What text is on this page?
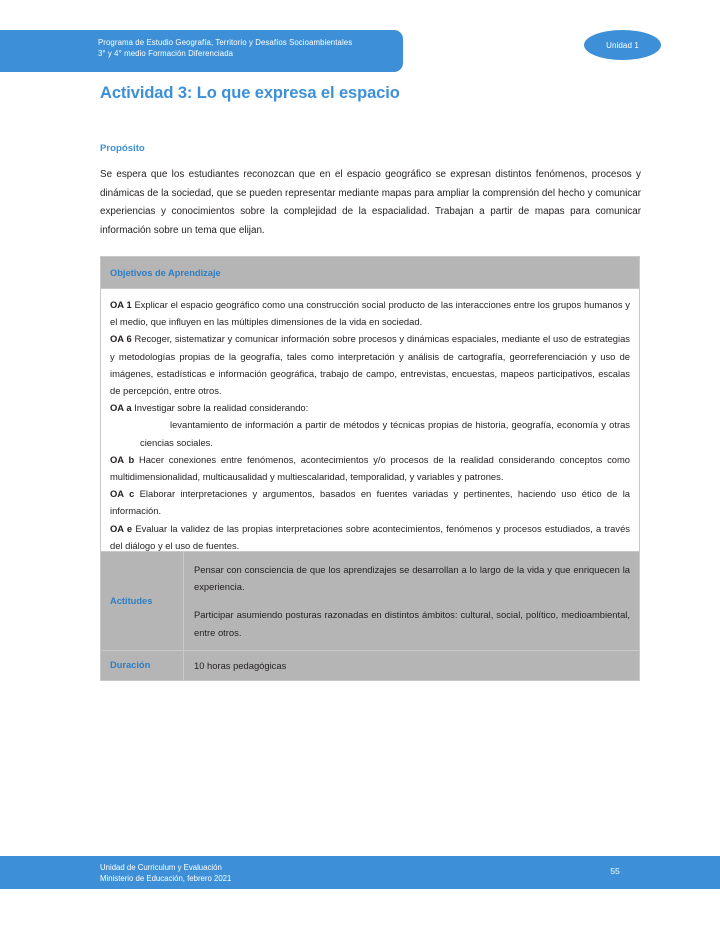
Programa de Estudio Geografía, Territorio y Desafíos Socioambientales
3° y 4° medio Formación Diferenciada
Unidad 1
Actividad 3: Lo que expresa el espacio
Propósito
Se espera que los estudiantes reconozcan que en el espacio geográfico se expresan distintos fenómenos, procesos y dinámicas de la sociedad, que se pueden representar mediante mapas para ampliar la comprensión del hecho y comunicar experiencias y conocimientos sobre la complejidad de la espacialidad. Trabajan a partir de mapas para comunicar información sobre un tema que elijan.
Objetivos de Aprendizaje
OA 1 Explicar el espacio geográfico como una construcción social producto de las interacciones entre los grupos humanos y el medio, que influyen en las múltiples dimensiones de la vida en sociedad.
OA 6 Recoger, sistematizar y comunicar información sobre procesos y dinámicas espaciales, mediante el uso de estrategias y metodologías propias de la geografía, tales como interpretación y análisis de cartografía, georreferenciación y uso de imágenes, estadísticas e información geográfica, trabajo de campo, entrevistas, encuestas, mapeos participativos, escalas de percepción, entre otros.
OA a Investigar sobre la realidad considerando:
levantamiento de información a partir de métodos y técnicas propias de historia, geografía, economía y otras ciencias sociales.
OA b Hacer conexiones entre fenómenos, acontecimientos y/o procesos de la realidad considerando conceptos como multidimensionalidad, multicausalidad y multiescalaridad, temporalidad, y variables y patrones.
OA c Elaborar interpretaciones y argumentos, basados en fuentes variadas y pertinentes, haciendo uso ético de la información.
OA e Evaluar la validez de las propias interpretaciones sobre acontecimientos, fenómenos y procesos estudiados, a través del diálogo y el uso de fuentes.
Actitudes	Pensar con consciencia de que los aprendizajes se desarrollan a lo largo de la vida y que enriquecen la experiencia.

Participar asumiendo posturas razonadas en distintos ámbitos: cultural, social, político, medioambiental, entre otros.

Duración	10 horas pedagógicas
Unidad de Curriculum y Evaluación
Ministerio de Educación, febrero 2021
55
